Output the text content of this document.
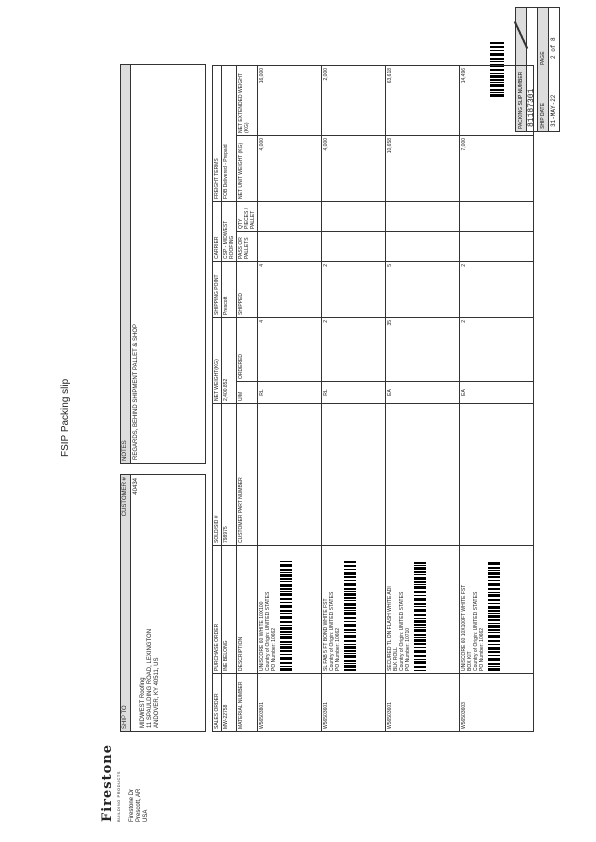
Firestone BUILDING PRODUCTS Firestone Dr Prescott, AR USA
FSIP Packing slip
PACKING SLIP NUMBER 81187301 SHIP DATE
PAGE
31-MAY-22
2 of 8
SHIP TO
CUSTOMER # 40434
MIDWEST Roofing 11 SPAULDING ROAD, LEXINGTON ANDOVER, KY 40511, US
NOTES REGARDS, BEHIND SHIPMENT PALLET & SHOP
SALES ORDER	PURCHASE ORDER	SOLD/SID #	NET WEIGHT(KG)		SHIPPING POINT	CARRIER		FREIGHT TERMS	
MW-22758	INE BELONG	798975	2,400.852		Prescott	CSP - MIDWEST ROOFING		FOB Delivered - Prepaid	
MATERIAL NUMBER	DESCRIPTION	CUSTOMER PART NUMBER	U/M	ORDERED	SHIPPED	PASS OR PALLETS	QTY PIECES / PALLET	NET UNIT WEIGHT (KG)	NET EXTENDED WEIGHT (KG)
W56503801	UNISCORE 60 WHITE 10X100 Country of Origin: UNITED STATES PO Number: 10662		RL	4	4			4,000	16,000
W56503601	SL FAB 5 FT BOND WHITE FST Country of Origin: UNITED STATES PO Number: 10662		RL	2	2			4,000	2,000
W56503601	SECURED TL ON FLASH WHITE ADI BLK ROLL Country of Origin: UNITED STATES PO Number: 10710		EA	35	5			10,658	63,618
W56503603	UNISCORE 60 10X100FT WHITE FST BOX KIT Country of Origin: UNITED STATES PO Number: 10662		EA	2	2			7,000	14,496
